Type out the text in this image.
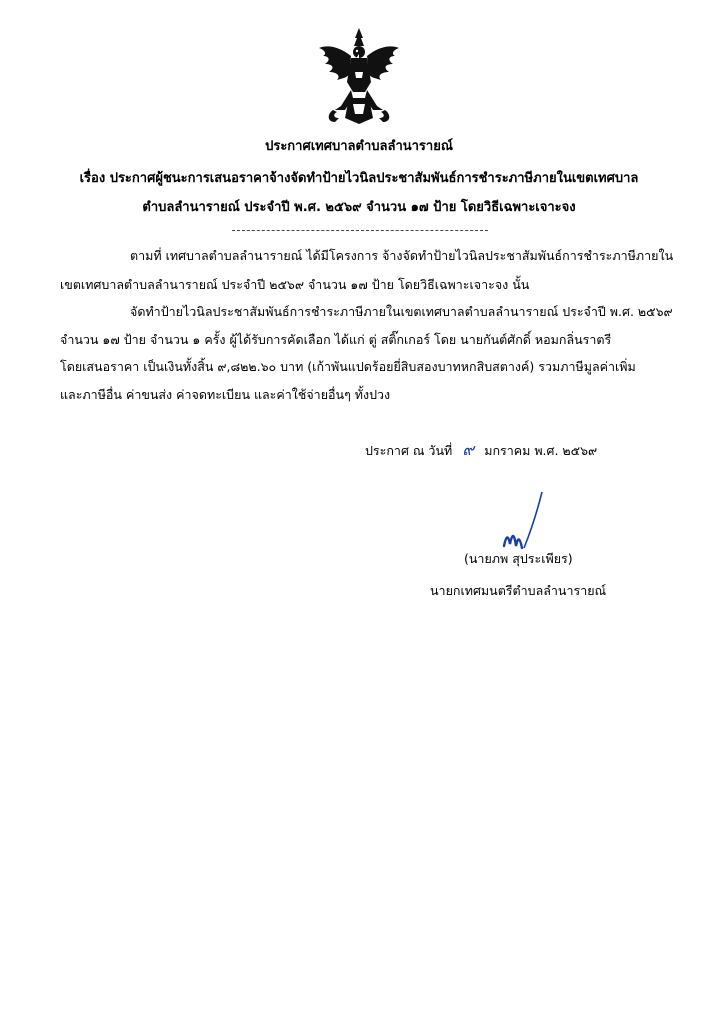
ประกาศเทศบาลตำบลลำนารายณ์
เรื่อง ประกาศผู้ชนะการเสนอราคาจ้างจัดทำป้ายไวนิลประชาสัมพันธ์การชำระภาษีภายในเขตเทศบาล
ตำบลลำนารายณ์ ประจำปี พ.ศ. ๒๕๖๙ จำนวน ๑๗ ป้าย โดยวิธีเฉพาะเจาะจง
ตามที่ เทศบาลตำบลลำนารายณ์ ได้มีโครงการ จ้างจัดทำป้ายไวนิลประชาสัมพันธ์การชำระภาษีภายใน
เขตเทศบาลตำบลลำนารายณ์ ประจำปี ๒๕๖๙ จำนวน ๑๗ ป้าย โดยวิธีเฉพาะเจาะจง นั้น
จัดทำป้ายไวนิลประชาสัมพันธ์การชำระภาษีภายในเขตเทศบาลตำบลลำนารายณ์ ประจำปี พ.ศ. ๒๕๖๙
จำนวน ๑๗ ป้าย จำนวน ๑ ครั้ง ผู้ได้รับการคัดเลือก ได้แก่ ตู่ สติ๊กเกอร์ โดย นายกันต์ศักดิ์ หอมกลิ่นราตรี
โดยเสนอราคา เป็นเงินทั้งสิ้น ๙,๘๒๒.๖๐ บาท (เก้าพันแปดร้อยยี่สิบสองบาทหกสิบสตางค์) รวมภาษีมูลค่าเพิ่ม
และภาษีอื่น ค่าขนส่ง ค่าจดทะเบียน และค่าใช้จ่ายอื่นๆ ทั้งปวง
ประกาศ ณ วันที่ ๙ มกราคม พ.ศ. ๒๕๖๙
(นายภพ สุประเพียร)
นายกเทศมนตรีตำบลลำนารายณ์
